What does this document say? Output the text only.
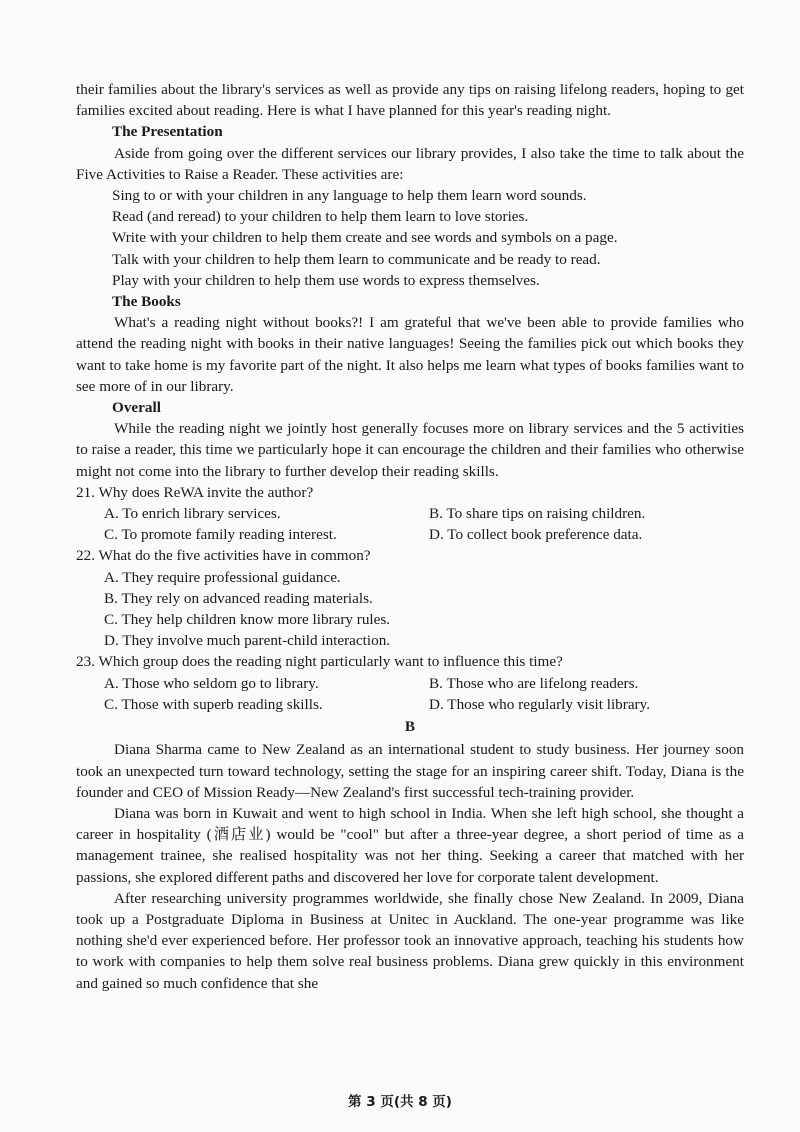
their families about the library's services as well as provide any tips on raising lifelong readers, hoping to get families excited about reading. Here is what I have planned for this year's reading night.

The Presentation

Aside from going over the different services our library provides, I also take the time to talk about the Five Activities to Raise a Reader. These activities are:

Sing to or with your children in any language to help them learn word sounds.

Read (and reread) to your children to help them learn to love stories.

Write with your children to help them create and see words and symbols on a page.

Talk with your children to help them learn to communicate and be ready to read.

Play with your children to help them use words to express themselves.

The Books

What's a reading night without books?! I am grateful that we've been able to provide families who attend the reading night with books in their native languages! Seeing the families pick out which books they want to take home is my favorite part of the night. It also helps me learn what types of books families want to see more of in our library.

Overall

While the reading night we jointly host generally focuses more on library services and the 5 activities to raise a reader, this time we particularly hope it can encourage the children and their families who otherwise might not come into the library to further develop their reading skills.

21. Why does ReWA invite the author?

A. To enrich library services.	B. To share tips on raising children.
C. To promote family reading interest.	D. To collect book preference data.

22. What do the five activities have in common?

A. They require professional guidance.
B. They rely on advanced reading materials.
C. They help children know more library rules.
D. They involve much parent-child interaction.

23. Which group does the reading night particularly want to influence this time?

A. Those who seldom go to library.	B. Those who are lifelong readers.
C. Those with superb reading skills.	D. Those who regularly visit library.

B

Diana Sharma came to New Zealand as an international student to study business. Her journey soon took an unexpected turn toward technology, setting the stage for an inspiring career shift. Today, Diana is the founder and CEO of Mission Ready—New Zealand's first successful tech-training provider.

Diana was born in Kuwait and went to high school in India. When she left high school, she thought a career in hospitality (酒店业) would be "cool" but after a three-year degree, a short period of time as a management trainee, she realised hospitality was not her thing. Seeking a career that matched with her passions, she explored different paths and discovered her love for corporate talent development.

After researching university programmes worldwide, she finally chose New Zealand. In 2009, Diana took up a Postgraduate Diploma in Business at Unitec in Auckland. The one-year programme was like nothing she'd ever experienced before. Her professor took an innovative approach, teaching his students how to work with companies to help them solve real business problems. Diana grew quickly in this environment and gained so much confidence that she

第 3 页(共 8 页)
